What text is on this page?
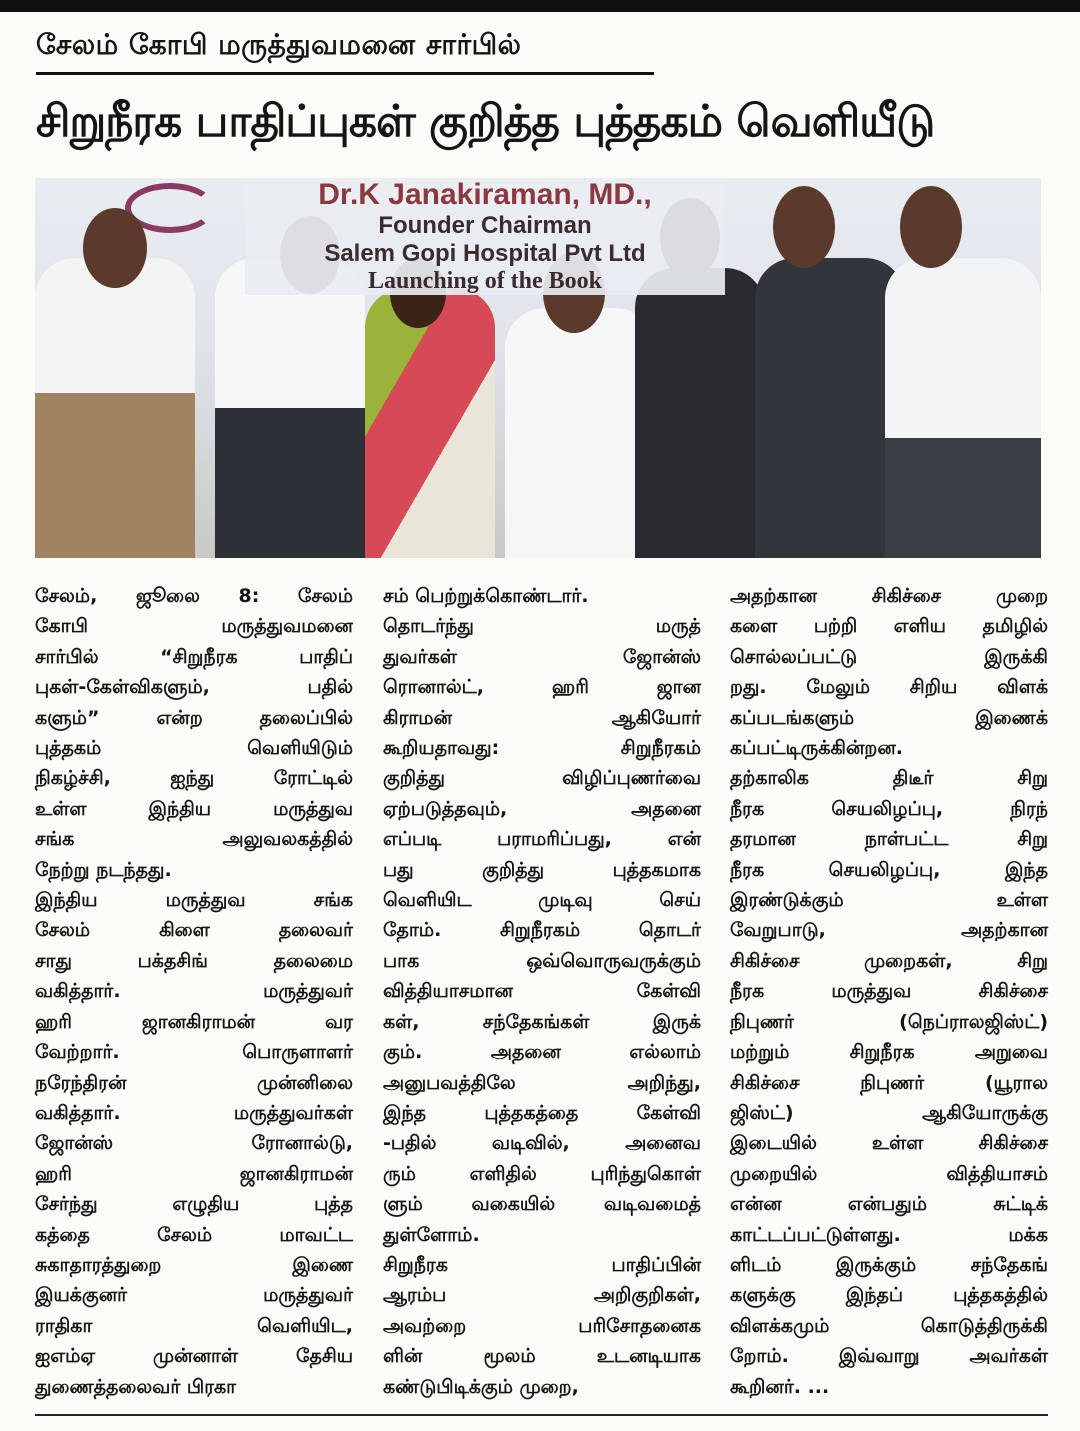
சேலம் கோபி மருத்துவமனை சார்பில்
சிறுநீரக பாதிப்புகள் குறித்த புத்தகம் வெளியீடு
Dr.K Janakiraman, MD.,
Founder Chairman
Salem Gopi Hospital Pvt Ltd
Launching of the Book
சேலம், ஜூலை 8: சேலம்
கோபி மருத்துவமனை
சார்பில் “சிறுநீரக பாதிப்
புகள்-கேள்விகளும், பதில்
களும்” என்ற தலைப்பில்
புத்தகம் வெளியிடும்
நிகழ்ச்சி, ஐந்து ரோட்டில்
உள்ள இந்திய மருத்துவ
சங்க அலுவலகத்தில்
நேற்று நடந்தது.
இந்திய மருத்துவ சங்க
சேலம் கிளை தலைவர்
சாது பக்தசிங் தலைமை
வகித்தார். மருத்துவர்
ஹரி ஜானகிராமன் வர
வேற்றார். பொருளாளர்
நரேந்திரன் முன்னிலை
வகித்தார். மருத்துவர்கள்
ஜோன்ஸ் ரோனால்டு,
ஹரி ஜானகிராமன்
சேர்ந்து எழுதிய புத்த
கத்தை சேலம் மாவட்ட
சுகாதாரத்துறை இணை
இயக்குனர் மருத்துவர்
ராதிகா வெளியிட,
ஐஎம்ஏ முன்னாள் தேசிய
துணைத்தலைவர் பிரகா
சம் பெற்றுக்கொண்டார்.
தொடர்ந்து மருத்
துவர்கள் ஜோன்ஸ்
ரொனால்ட், ஹரி ஜான
கிராமன் ஆகியோர்
கூறியதாவது: சிறுநீரகம்
குறித்து விழிப்புணர்வை
ஏற்படுத்தவும், அதனை
எப்படி பராமரிப்பது, என்
பது குறித்து புத்தகமாக
வெளியிட முடிவு செய்
தோம். சிறுநீரகம் தொடர்
பாக ஒவ்வொருவருக்கும்
வித்தியாசமான கேள்வி
கள், சந்தேகங்கள் இருக்
கும். அதனை எல்லாம்
அனுபவத்திலே அறிந்து,
இந்த புத்தகத்தை கேள்வி
-பதில் வடிவில், அனைவ
ரும் எளிதில் புரிந்துகொள்
ளும் வகையில் வடிவமைத்
துள்ளோம்.
சிறுநீரக பாதிப்பின்
ஆரம்ப அறிகுறிகள்,
அவற்றை பரிசோதனைக
ளின் மூலம் உடனடியாக
கண்டுபிடிக்கும் முறை,
அதற்கான சிகிச்சை முறை
களை பற்றி எளிய தமிழில்
சொல்லப்பட்டு இருக்கி
றது. மேலும் சிறிய விளக்
கப்படங்களும் இணைக்
கப்பட்டிருக்கின்றன.
தற்காலிக திடீர் சிறு
நீரக செயலிழப்பு, நிரந்
தரமான நாள்பட்ட சிறு
நீரக செயலிழப்பு, இந்த
இரண்டுக்கும் உள்ள
வேறுபாடு, அதற்கான
சிகிச்சை முறைகள், சிறு
நீரக மருத்துவ சிகிச்சை
நிபுணர் (நெப்ராலஜிஸ்ட்)
மற்றும் சிறுநீரக அறுவை
சிகிச்சை நிபுணர் (யூரால
ஜிஸ்ட்) ஆகியோருக்கு
இடையில் உள்ள சிகிச்சை
முறையில் வித்தியாசம்
என்ன என்பதும் சுட்டிக்
காட்டப்பட்டுள்ளது. மக்க
ளிடம் இருக்கும் சந்தேகங்
களுக்கு இந்தப் புத்தகத்தில்
விளக்கமும் கொடுத்திருக்கி
றோம். இவ்வாறு அவர்கள்
கூறினர். ...
